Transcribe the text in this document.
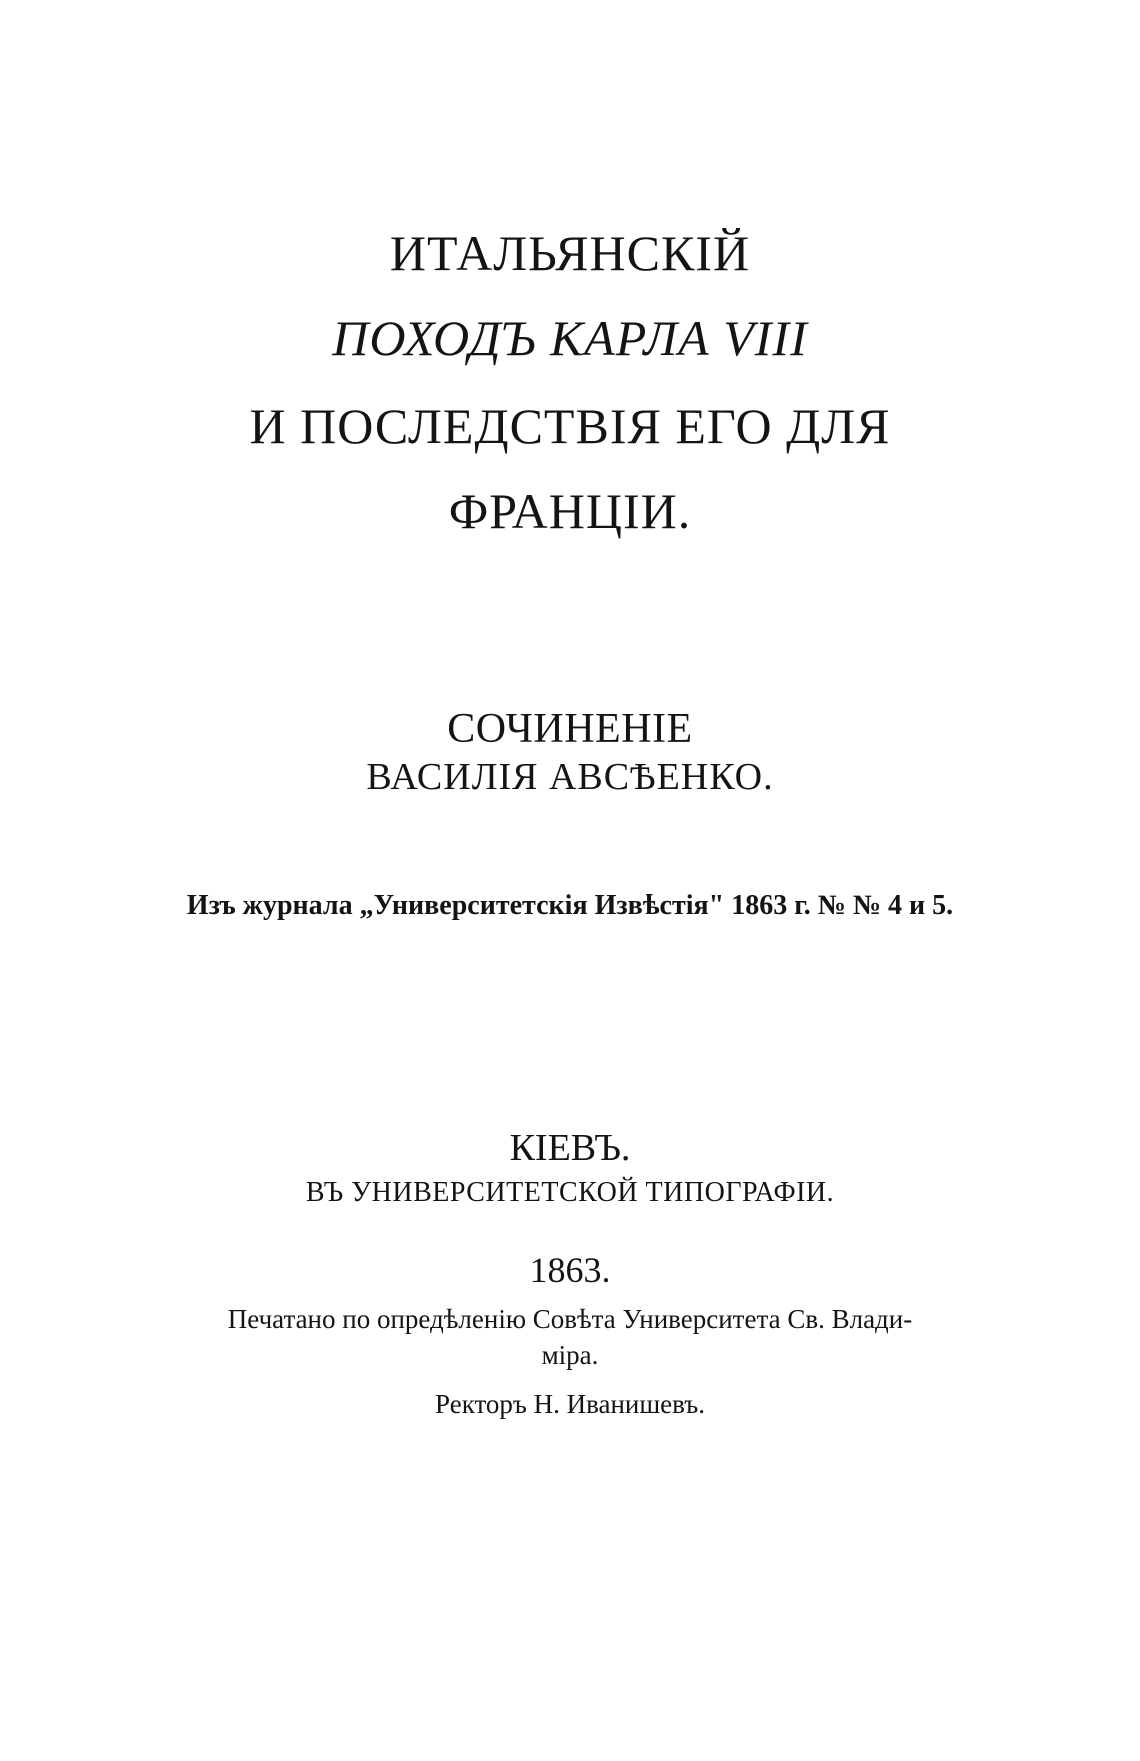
ИТАЛЬЯНСКІЙ
ПОХОДЪ КАРЛА VIII
И ПОСЛЕДСТВІЯ ЕГО ДЛЯ
ФРАНЦІИ.
СОЧИНЕНІЕ
ВАСИЛІЯ АВСѢЕНКО.
Изъ журнала „Университетскія Извѣстія" 1863 г. № № 4 и 5.
КІЕВЪ.
ВЪ УНИВЕРСИТЕТСКОЙ ТИПОГРАФІИ.
1863.
Печатано по опредѣленію Совѣта Университета Св. Влади-
міра.
Ректоръ Н. Иванишевъ.
